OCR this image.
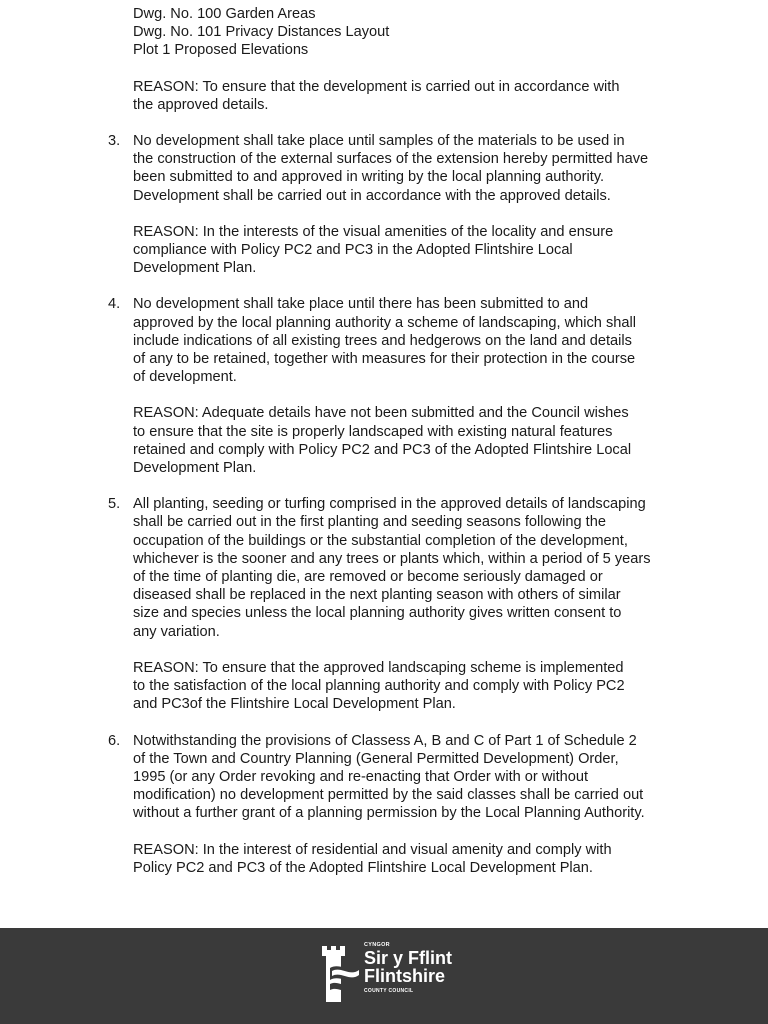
Dwg. No. 100 Garden Areas
Dwg. No. 101 Privacy Distances Layout
Plot 1 Proposed Elevations
REASON: To ensure that the development is carried out in accordance with
the approved details.
3. No development shall take place until samples of the materials to be used in
the construction of the external surfaces of the extension hereby permitted have
been submitted to and approved in writing by the local planning authority.
Development shall be carried out in accordance with the approved details.
REASON: In the interests of the visual amenities of the locality and ensure
compliance with Policy PC2 and PC3 in the Adopted Flintshire Local
Development Plan.
4. No development shall take place until there has been submitted to and
approved by the local planning authority a scheme of landscaping, which shall
include indications of all existing trees and hedgerows on the land and details
of any to be retained, together with measures for their protection in the course
of development.
REASON: Adequate details have not been submitted and the Council wishes
to ensure that the site is properly landscaped with existing natural features
retained and comply with Policy PC2 and PC3 of the Adopted Flintshire Local
Development Plan.
5. All planting, seeding or turfing comprised in the approved details of landscaping
shall be carried out in the first planting and seeding seasons following the
occupation of the buildings or the substantial completion of the development,
whichever is the sooner and any trees or plants which, within a period of 5 years
of the time of planting die, are removed or become seriously damaged or
diseased shall be replaced in the next planting season with others of similar
size and species unless the local planning authority gives written consent to
any variation.
REASON: To ensure that the approved landscaping scheme is implemented
to the satisfaction of the local planning authority and comply with Policy PC2
and PC3of the Flintshire Local Development Plan.
6. Notwithstanding the provisions of Classess A, B and C of Part 1 of Schedule 2
of the Town and Country Planning (General Permitted Development) Order,
1995 (or any Order revoking and re-enacting that Order with or without
modification) no development permitted by the said classes shall be carried out
without a further grant of a planning permission by the Local Planning Authority.
REASON: In the interest of residential and visual amenity and comply with
Policy PC2 and PC3 of the Adopted Flintshire Local Development Plan.
CYNGOR
Sir y Fflint
Flintshire
COUNTY COUNCIL
